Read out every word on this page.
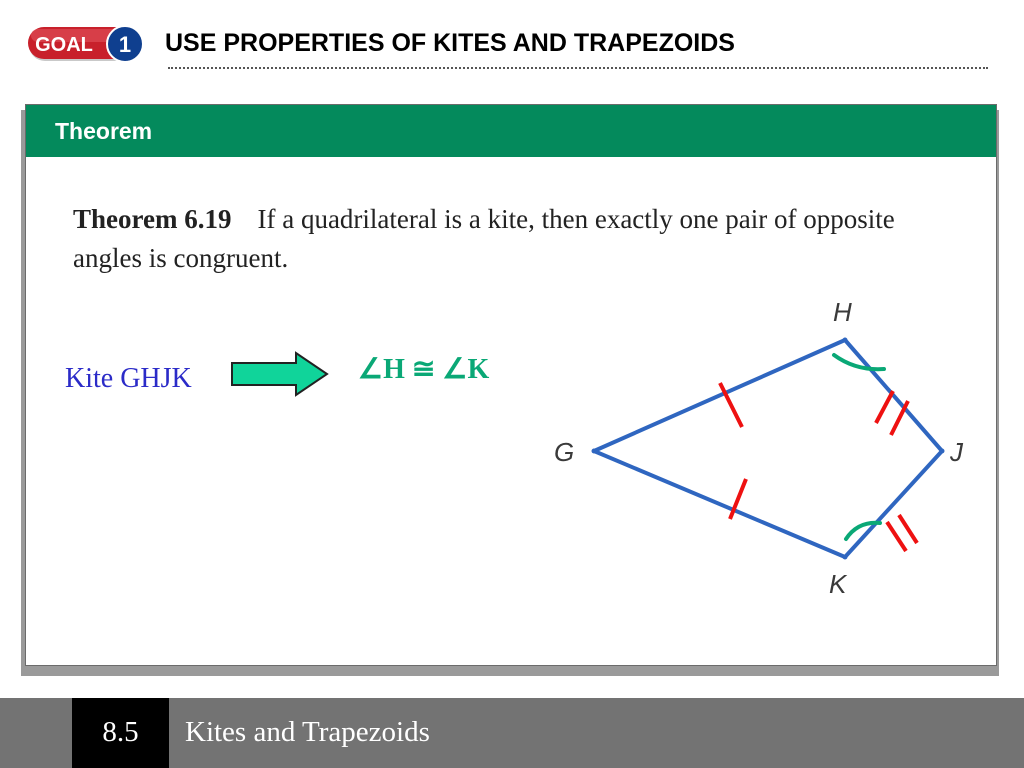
GOAL 1 USE PROPERTIES OF KITES AND TRAPEZOIDS
Theorem
Theorem 6.19 If a quadrilateral is a kite, then exactly one pair of opposite angles is congruent.
Kite GHJK	∠H ≅ ∠K
G
H
J
K
8.5	Kites and Trapezoids
